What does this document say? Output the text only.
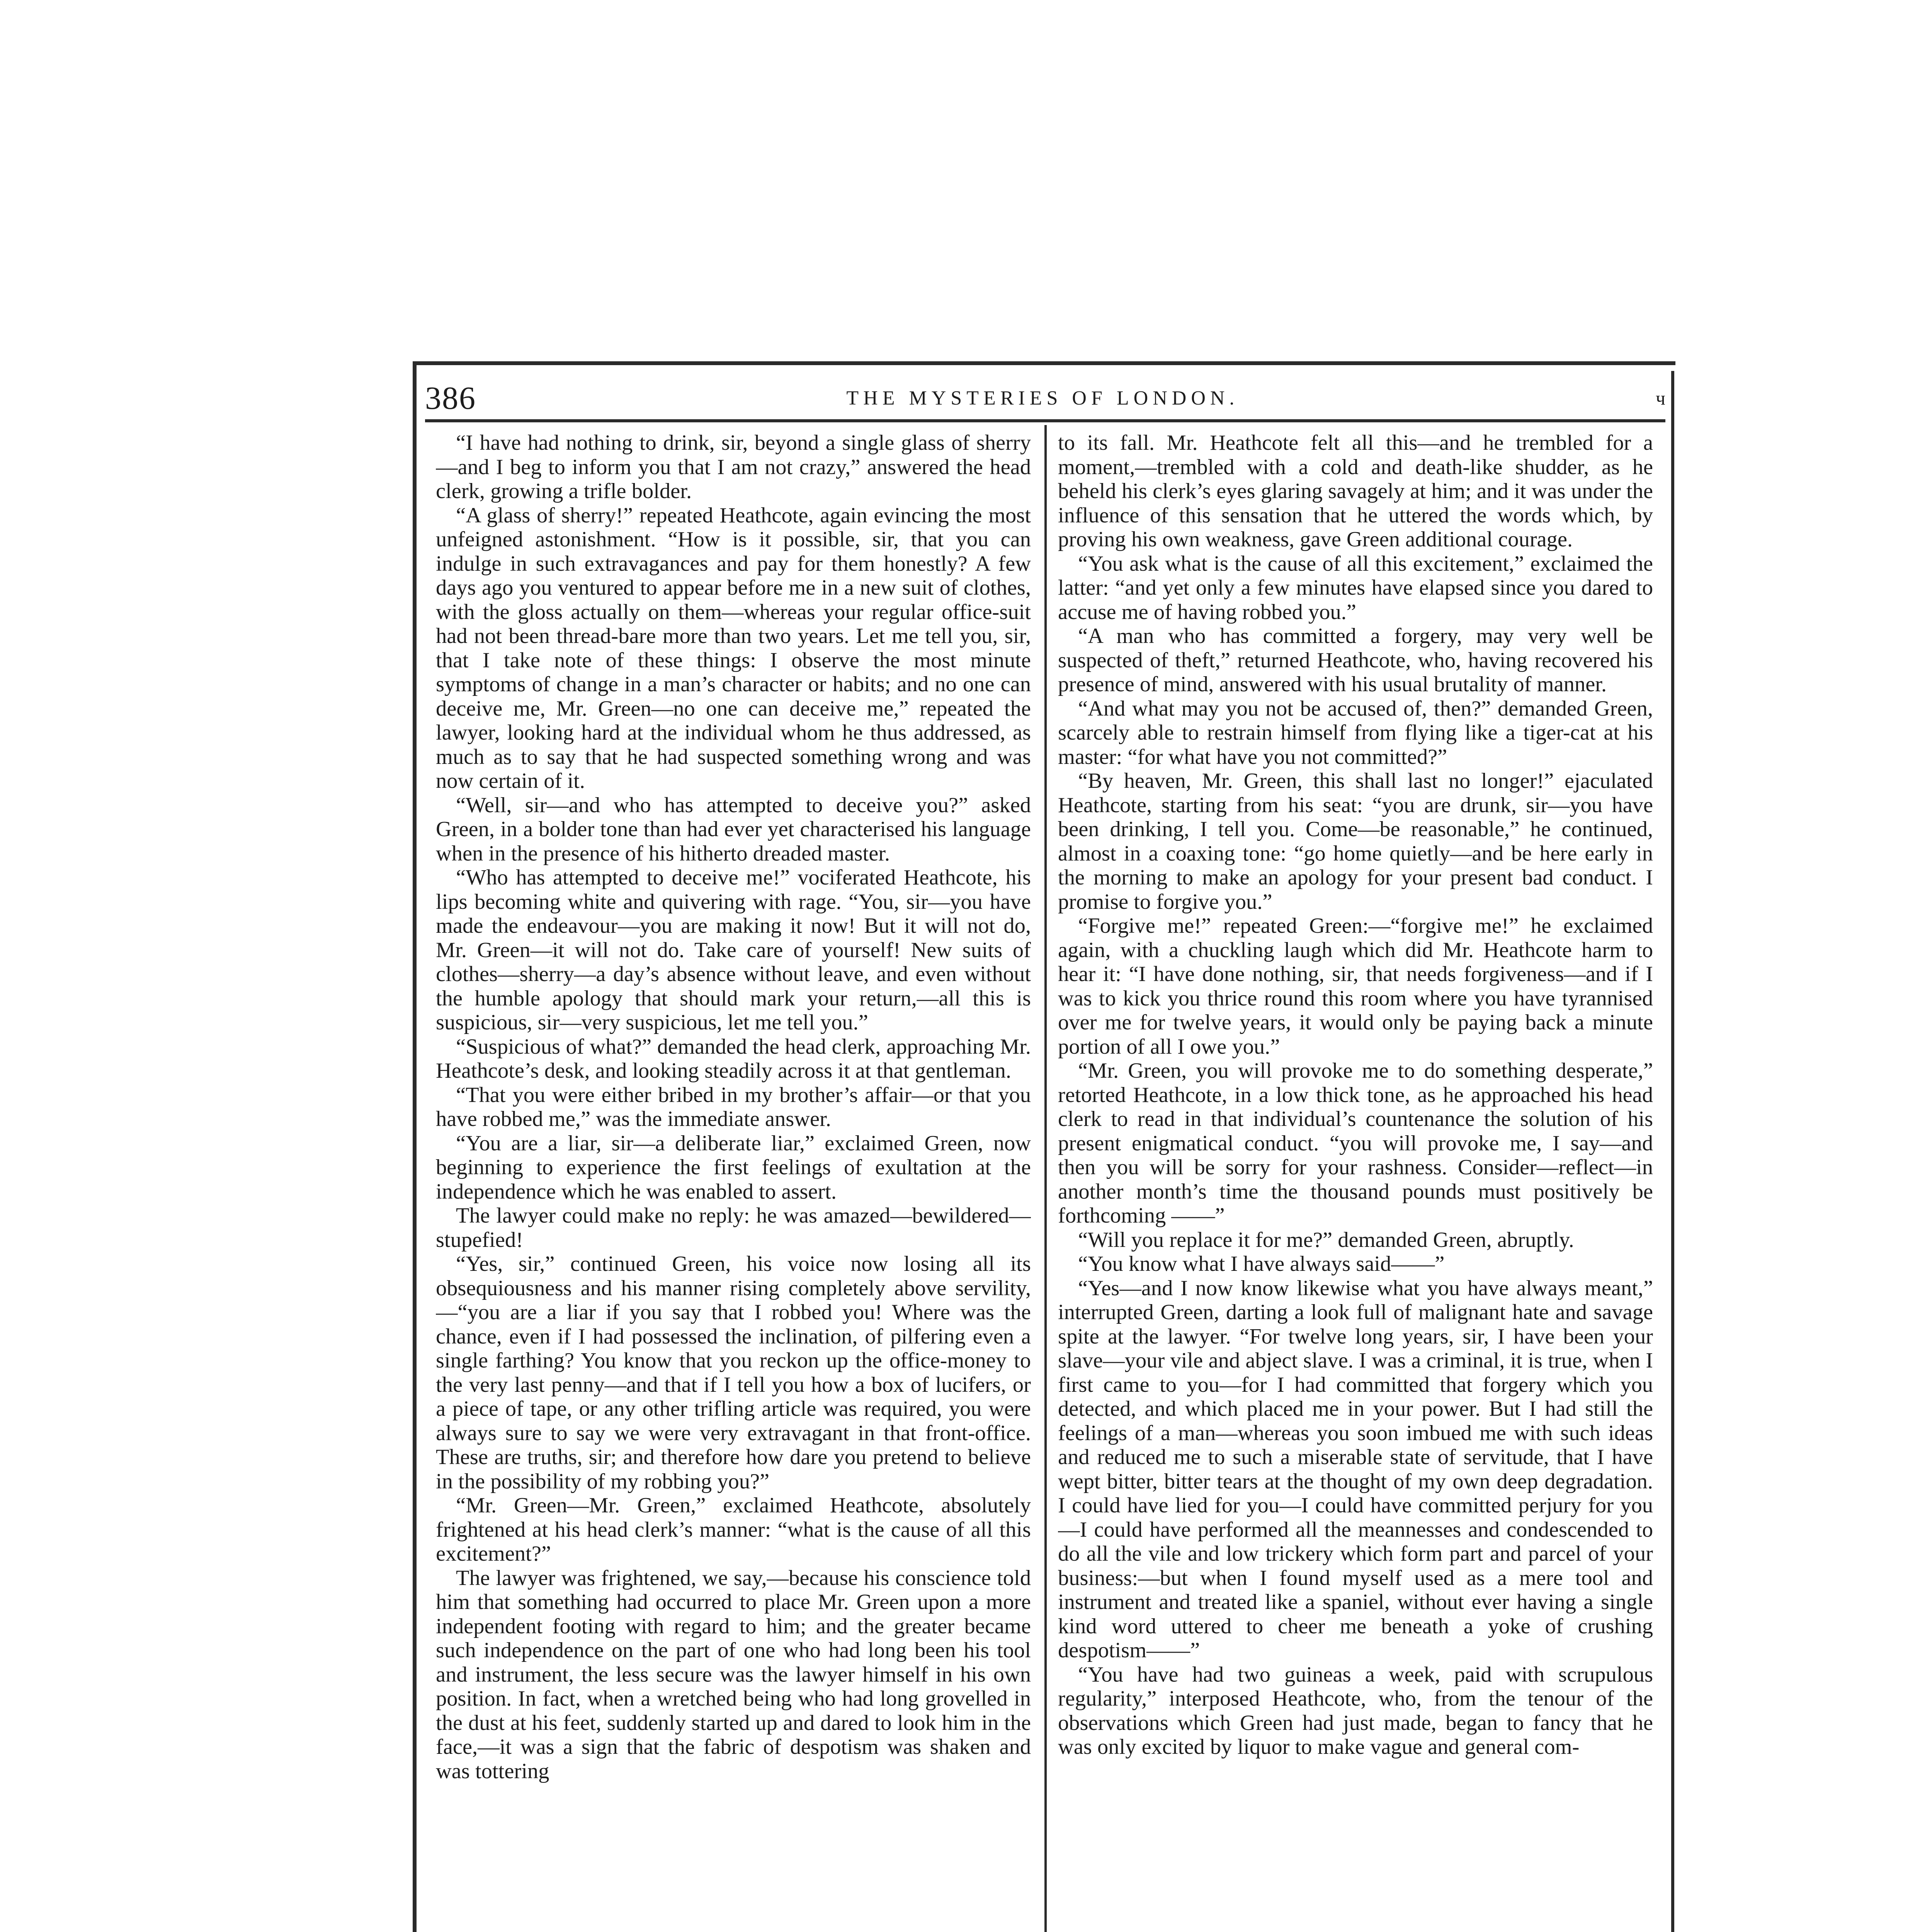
386	THE MYSTERIES OF LONDON.	ч

“I have had nothing to drink, sir, beyond a single glass of sherry—and I beg to inform you that I am not crazy,” answered the head clerk, growing a trifle bolder.

“A glass of sherry!” repeated Heathcote, again evincing the most unfeigned astonishment. “How is it possible, sir, that you can indulge in such extravagances and pay for them honestly? A few days ago you ventured to appear before me in a new suit of clothes, with the gloss actually on them—whereas your regular office-suit had not been thread-bare more than two years. Let me tell you, sir, that I take note of these things: I observe the most minute symptoms of change in a man’s character or habits; and no one can deceive me, Mr. Green—no one can deceive me,” repeated the lawyer, looking hard at the individual whom he thus addressed, as much as to say that he had suspected something wrong and was now certain of it.

“Well, sir—and who has attempted to deceive you?” asked Green, in a bolder tone than had ever yet characterised his language when in the presence of his hitherto dreaded master.

“Who has attempted to deceive me!” vociferated Heathcote, his lips becoming white and quivering with rage. “You, sir—you have made the endeavour—you are making it now! But it will not do, Mr. Green—it will not do. Take care of yourself! New suits of clothes—sherry—a day’s absence without leave, and even without the humble apology that should mark your return,—all this is suspicious, sir—very suspicious, let me tell you.”

“Suspicious of what?” demanded the head clerk, approaching Mr. Heathcote’s desk, and looking steadily across it at that gentleman.

“That you were either bribed in my brother’s affair—or that you have robbed me,” was the immediate answer.

“You are a liar, sir—a deliberate liar,” exclaimed Green, now beginning to experience the first feelings of exultation at the independence which he was enabled to assert.

The lawyer could make no reply: he was amazed—bewildered—stupefied!

“Yes, sir,” continued Green, his voice now losing all its obsequiousness and his manner rising completely above servility,—“you are a liar if you say that I robbed you! Where was the chance, even if I had possessed the inclination, of pilfering even a single farthing? You know that you reckon up the office-money to the very last penny—and that if I tell you how a box of lucifers, or a piece of tape, or any other trifling article was required, you were always sure to say we were very extravagant in that front-office. These are truths, sir; and therefore how dare you pretend to believe in the possibility of my robbing you?”

“Mr. Green—Mr. Green,” exclaimed Heathcote, absolutely frightened at his head clerk’s manner: “what is the cause of all this excitement?”

The lawyer was frightened, we say,—because his conscience told him that something had occurred to place Mr. Green upon a more independent footing with regard to him; and the greater became such independence on the part of one who had long been his tool and instrument, the less secure was the lawyer himself in his own position. In fact, when a wretched being who had long grovelled in the dust at his feet, suddenly started up and dared to look him in the face,—it was a sign that the fabric of despotism was shaken and was tottering

to its fall. Mr. Heathcote felt all this—and he trembled for a moment,—trembled with a cold and death-like shudder, as he beheld his clerk’s eyes glaring savagely at him; and it was under the influence of this sensation that he uttered the words which, by proving his own weakness, gave Green additional courage.

“You ask what is the cause of all this excitement,” exclaimed the latter: “and yet only a few minutes have elapsed since you dared to accuse me of having robbed you.”

“A man who has committed a forgery, may very well be suspected of theft,” returned Heathcote, who, having recovered his presence of mind, answered with his usual brutality of manner.

“And what may you not be accused of, then?” demanded Green, scarcely able to restrain himself from flying like a tiger-cat at his master: “for what have you not committed?”

“By heaven, Mr. Green, this shall last no longer!” ejaculated Heathcote, starting from his seat: “you are drunk, sir—you have been drinking, I tell you. Come—be reasonable,” he continued, almost in a coaxing tone: “go home quietly—and be here early in the morning to make an apology for your present bad conduct. I promise to forgive you.”

“Forgive me!” repeated Green:—“forgive me!” he exclaimed again, with a chuckling laugh which did Mr. Heathcote harm to hear it: “I have done nothing, sir, that needs forgiveness—and if I was to kick you thrice round this room where you have tyrannised over me for twelve years, it would only be paying back a minute portion of all I owe you.”

“Mr. Green, you will provoke me to do something desperate,” retorted Heathcote, in a low thick tone, as he approached his head clerk to read in that individual’s countenance the solution of his present enigmatical conduct. “you will provoke me, I say—and then you will be sorry for your rashness. Consider—reflect—in another month’s time the thousand pounds must positively be forthcoming ——”

“Will you replace it for me?” demanded Green, abruptly.

“You know what I have always said——”

“Yes—and I now know likewise what you have always meant,” interrupted Green, darting a look full of malignant hate and savage spite at the lawyer. “For twelve long years, sir, I have been your slave—your vile and abject slave. I was a criminal, it is true, when I first came to you—for I had committed that forgery which you detected, and which placed me in your power. But I had still the feelings of a man—whereas you soon imbued me with such ideas and reduced me to such a miserable state of servitude, that I have wept bitter, bitter tears at the thought of my own deep degradation. I could have lied for you—I could have committed perjury for you—I could have performed all the meannesses and condescended to do all the vile and low trickery which form part and parcel of your business:—but when I found myself used as a mere tool and instrument and treated like a spaniel, without ever having a single kind word uttered to cheer me beneath a yoke of crushing despotism——”

“You have had two guineas a week, paid with scrupulous regularity,” interposed Heathcote, who, from the tenour of the observations which Green had just made, began to fancy that he was only excited by liquor to make vague and general com-
